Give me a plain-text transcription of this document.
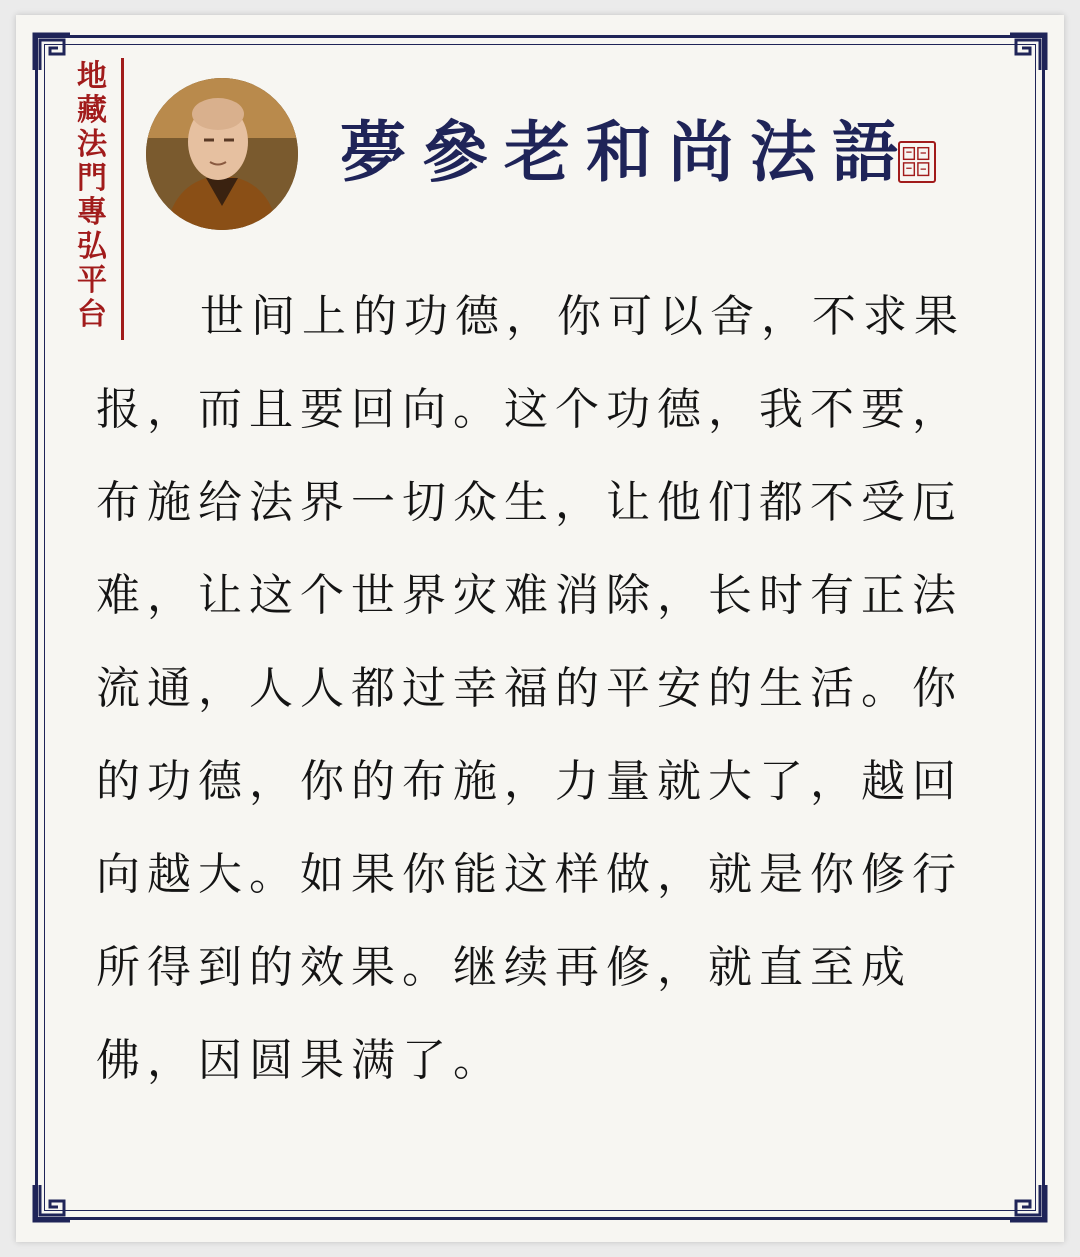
地
藏
法
門
專
弘
平
台
夢參老和尚法語

世间上的功德，你可以舍，不求果报，而且要回向。这个功德，我不要，布施给法界一切众生，让他们都不受厄难，让这个世界灾难消除，长时有正法流通，人人都过幸福的平安的生活。你的功德，你的布施，力量就大了，越回向越大。如果你能这样做，就是你修行所得到的效果。继续再修，就直至成佛，因圆果满了。
